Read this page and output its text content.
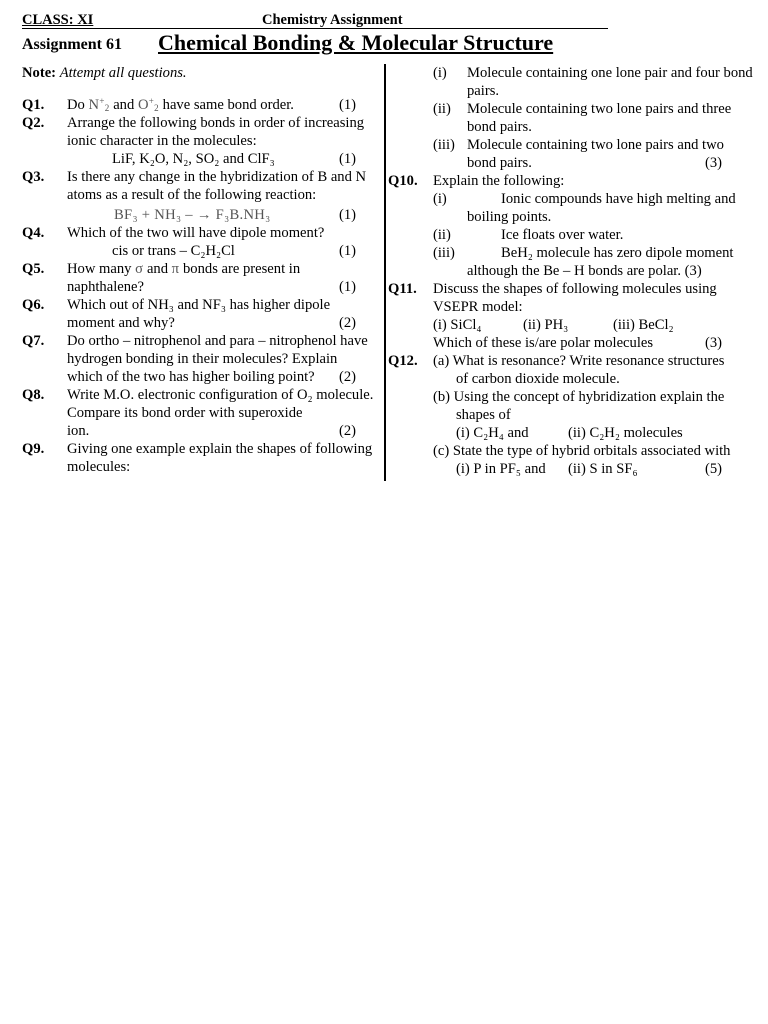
CLASS: XI	Chemistry Assignment
Assignment 61 Chemical Bonding & Molecular Structure
Note: Attempt all questions.
Q1.	Do $N^+_2$ and $O^+_2$ have same bond order.	(1)
Q2.	Arrange the following bonds in order of increasing ionic character in the molecules:
LiF, K₂O, N₂, SO₂ and ClF₃	(1)
Q3.	Is there any change in the hybridization of B and N atoms as a result of the following reaction:
BF₃ + NH₃ – → F₃B.NH₃	(1)
Q4.	Which of the two will have dipole moment?
cis or trans – C₂H₂Cl	(1)
Q5.	How many σ and π bonds are present in
naphthalene?	(1)
Q6.	Which out of NH₃ and NF₃ has higher dipole
moment and why?	(2)
Q7.	Do ortho – nitrophenol and para – nitrophenol have hydrogen bonding in their molecules? Explain
which of the two has higher boiling point? (2)
Q8.	Write M.O. electronic configuration of O₂ molecule. Compare its bond order with superoxide
ion.	(2)
Q9.	Giving one example explain the shapes of following molecules:
(i)	Molecule containing one lone pair and four bond pairs.
(ii)	Molecule containing two lone pairs and three bond pairs.
(iii) Molecule containing two lone pairs and two bond pairs.	(3)
Q10.	Explain the following:
(i)	Ionic compounds have high melting and boiling points.
(ii)	Ice floats over water.
(iii)	BeH₂ molecule has zero dipole moment although the Be – H bonds are polar. (3)
Q11.	Discuss the shapes of following molecules using VSEPR model:
(i) SiCl₄	(ii) PH₃	(iii) BeCl₂
Which of these is/are polar molecules	(3)
Q12.	(a) What is resonance? Write resonance structures
of carbon dioxide molecule.
(b) Using the concept of hybridization explain the
shapes of
(i) C₂H₄ and	(ii) C₂H₂ molecules
(c) State the type of hybrid orbitals associated with
(i) P in PF₅ and (ii) S in SF₆	(5)
